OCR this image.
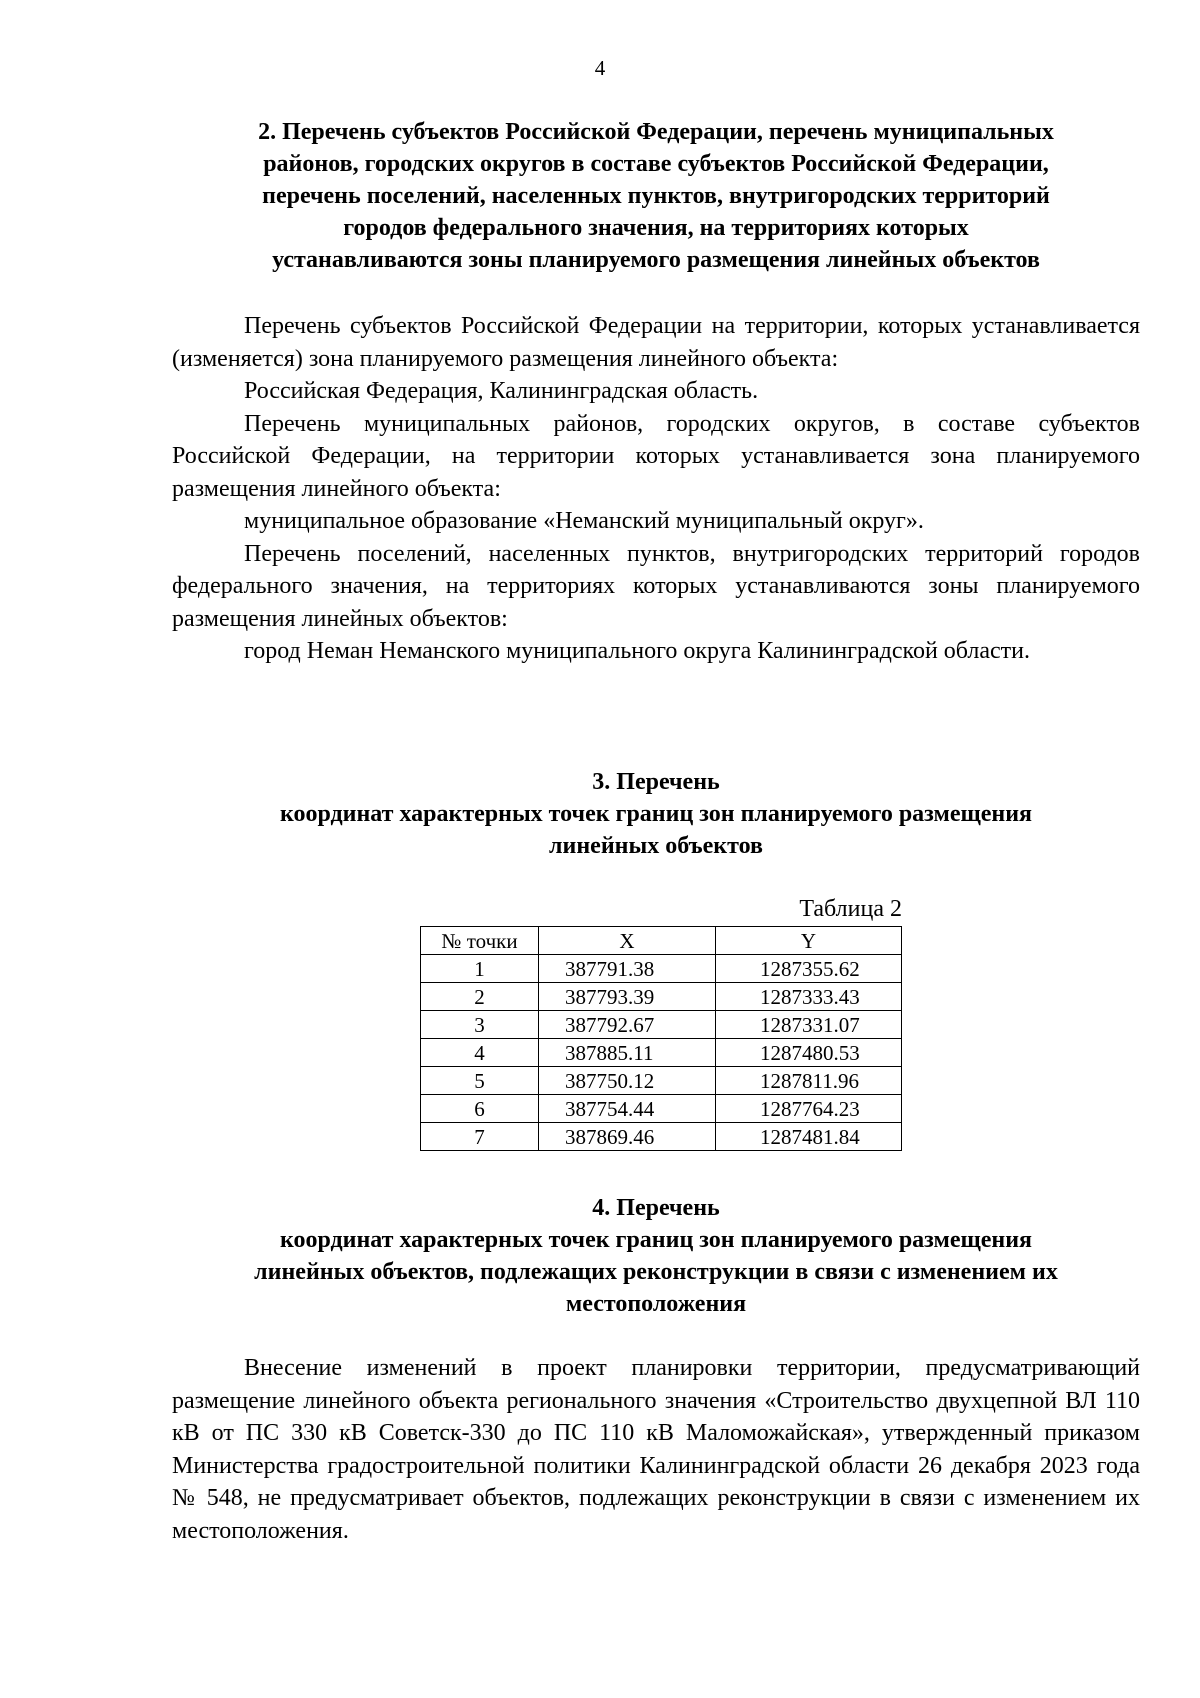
4
2. Перечень субъектов Российской Федерации, перечень муниципальных
районов, городских округов в составе субъектов Российской Федерации,
перечень поселений, населенных пунктов, внутригородских территорий
городов федерального значения, на территориях которых
устанавливаются зоны планируемого размещения линейных объектов
Перечень субъектов Российской Федерации на территории, которых устанавливается (изменяется) зона планируемого размещения линейного объекта:
Российская Федерация, Калининградская область.
Перечень муниципальных районов, городских округов, в составе субъектов Российской Федерации, на территории которых устанавливается зона планируемого размещения линейного объекта:
муниципальное образование «Неманский муниципальный округ».
Перечень поселений, населенных пунктов, внутригородских территорий городов федерального значения, на территориях которых устанавливаются зоны планируемого размещения линейных объектов:
город Неман Неманского муниципального округа Калининградской области.
3. Перечень
координат характерных точек границ зон планируемого размещения
линейных объектов
Таблица 2
№ точки	X	Y
1	387791.38	1287355.62
2	387793.39	1287333.43
3	387792.67	1287331.07
4	387885.11	1287480.53
5	387750.12	1287811.96
6	387754.44	1287764.23
7	387869.46	1287481.84
4. Перечень
координат характерных точек границ зон планируемого размещения
линейных объектов, подлежащих реконструкции в связи с изменением их
местоположения
Внесение изменений в проект планировки территории, предусматривающий размещение линейного объекта регионального значения «Строительство двухцепной ВЛ 110 кВ от ПС 330 кВ Советск-330 до ПС 110 кВ Маломожайская», утвержденный приказом Министерства градостроительной политики Калининградской области 26 декабря 2023 года № 548, не предусматривает объектов, подлежащих реконструкции в связи с изменением их местоположения.
